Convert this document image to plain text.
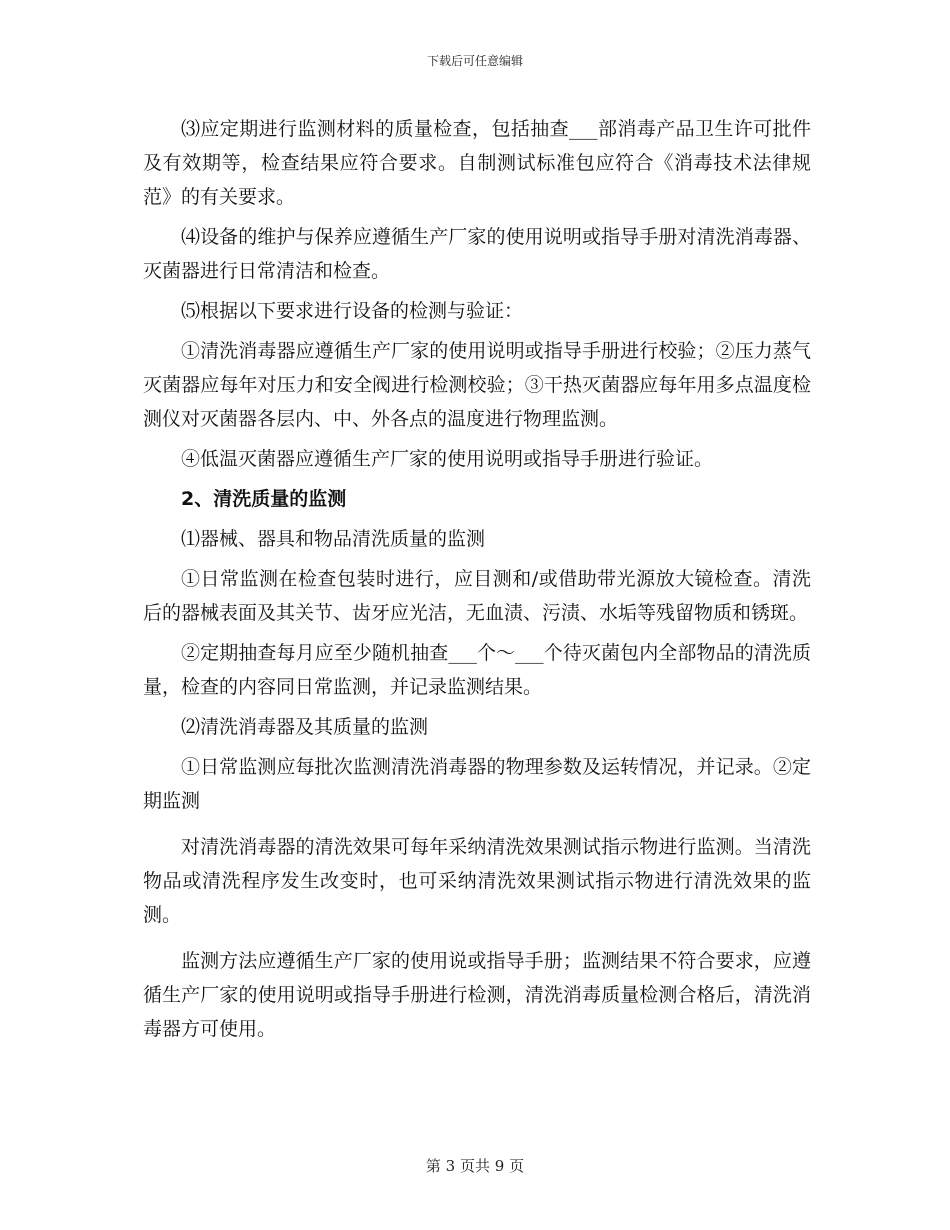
下载后可任意编辑

⑶应定期进行监测材料的质量检查，包括抽查___部消毒产品卫生许可批件及有效期等，检查结果应符合要求。自制测试标准包应符合《消毒技术法律规范》的有关要求。

⑷设备的维护与保养应遵循生产厂家的使用说明或指导手册对清洗消毒器、灭菌器进行日常清洁和检查。

⑸根据以下要求进行设备的检测与验证：

①清洗消毒器应遵循生产厂家的使用说明或指导手册进行校验；②压力蒸气灭菌器应每年对压力和安全阀进行检测校验；③干热灭菌器应每年用多点温度检测仪对灭菌器各层内、中、外各点的温度进行物理监测。

④低温灭菌器应遵循生产厂家的使用说明或指导手册进行验证。

2、清洗质量的监测

⑴器械、器具和物品清洗质量的监测

①日常监测在检查包装时进行，应目测和/或借助带光源放大镜检查。清洗后的器械表面及其关节、齿牙应光洁，无血渍、污渍、水垢等残留物质和锈斑。

②定期抽查每月应至少随机抽查___个～___个待灭菌包内全部物品的清洗质量，检查的内容同日常监测，并记录监测结果。

⑵清洗消毒器及其质量的监测

①日常监测应每批次监测清洗消毒器的物理参数及运转情况，并记录。②定期监测

对清洗消毒器的清洗效果可每年采纳清洗效果测试指示物进行监测。当清洗物品或清洗程序发生改变时，也可采纳清洗效果测试指示物进行清洗效果的监测。

监测方法应遵循生产厂家的使用说或指导手册；监测结果不符合要求，应遵循生产厂家的使用说明或指导手册进行检测，清洗消毒质量检测合格后，清洗消毒器方可使用。

第 3 页共 9 页
